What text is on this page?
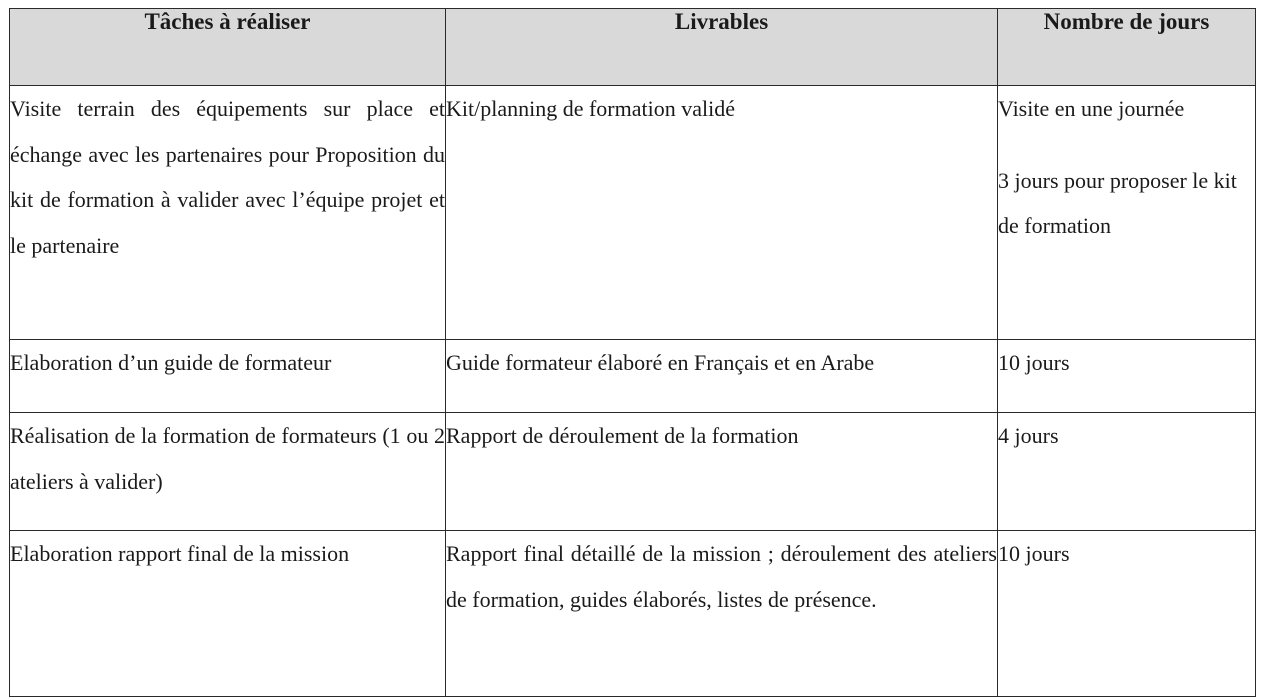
Tâches à réaliser	Livrables	Nombre de jours
Visite terrain des équipements sur place et échange avec les partenaires pour Proposition du kit de formation à valider avec l’équipe projet et le partenaire	Kit/planning de formation validé	Visite en une journée
3 jours pour proposer le kit de formation

Elaboration d’un guide de formateur	Guide formateur élaboré en Français et en Arabe	10 jours

Réalisation de la formation de formateurs (1 ou 2 ateliers à valider)	Rapport de déroulement de la formation	4 jours

Elaboration rapport final de la mission	Rapport final détaillé de la mission ; déroulement des ateliers de formation, guides élaborés, listes de présence.	10 jours
